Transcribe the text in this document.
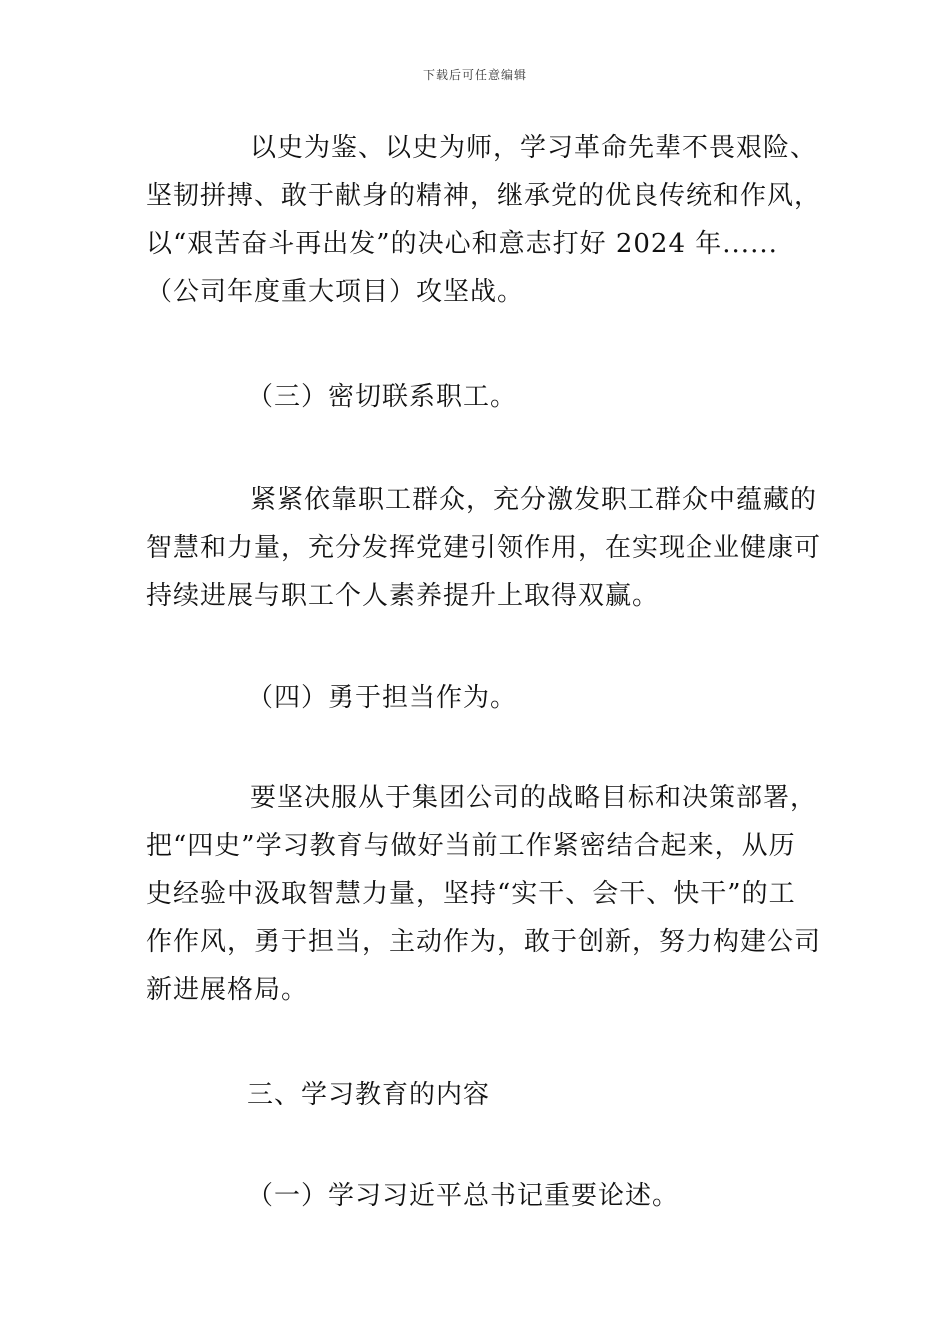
下载后可任意编辑

以史为鉴、以史为师，学习革命先辈不畏艰险、
坚韧拼搏、敢于献身的精神，继承党的优良传统和作风，
以“艰苦奋斗再出发”的决心和意志打好 2024 年......
（公司年度重大项目）攻坚战。

（三）密切联系职工。

紧紧依靠职工群众，充分激发职工群众中蕴藏的
智慧和力量，充分发挥党建引领作用，在实现企业健康可
持续进展与职工个人素养提升上取得双赢。

（四）勇于担当作为。

要坚决服从于集团公司的战略目标和决策部署，
把“四史”学习教育与做好当前工作紧密结合起来，从历
史经验中汲取智慧力量，坚持“实干、会干、快干”的工
作作风，勇于担当，主动作为，敢于创新，努力构建公司
新进展格局。

三、学习教育的内容
（一）学习习近平总书记重要论述。
